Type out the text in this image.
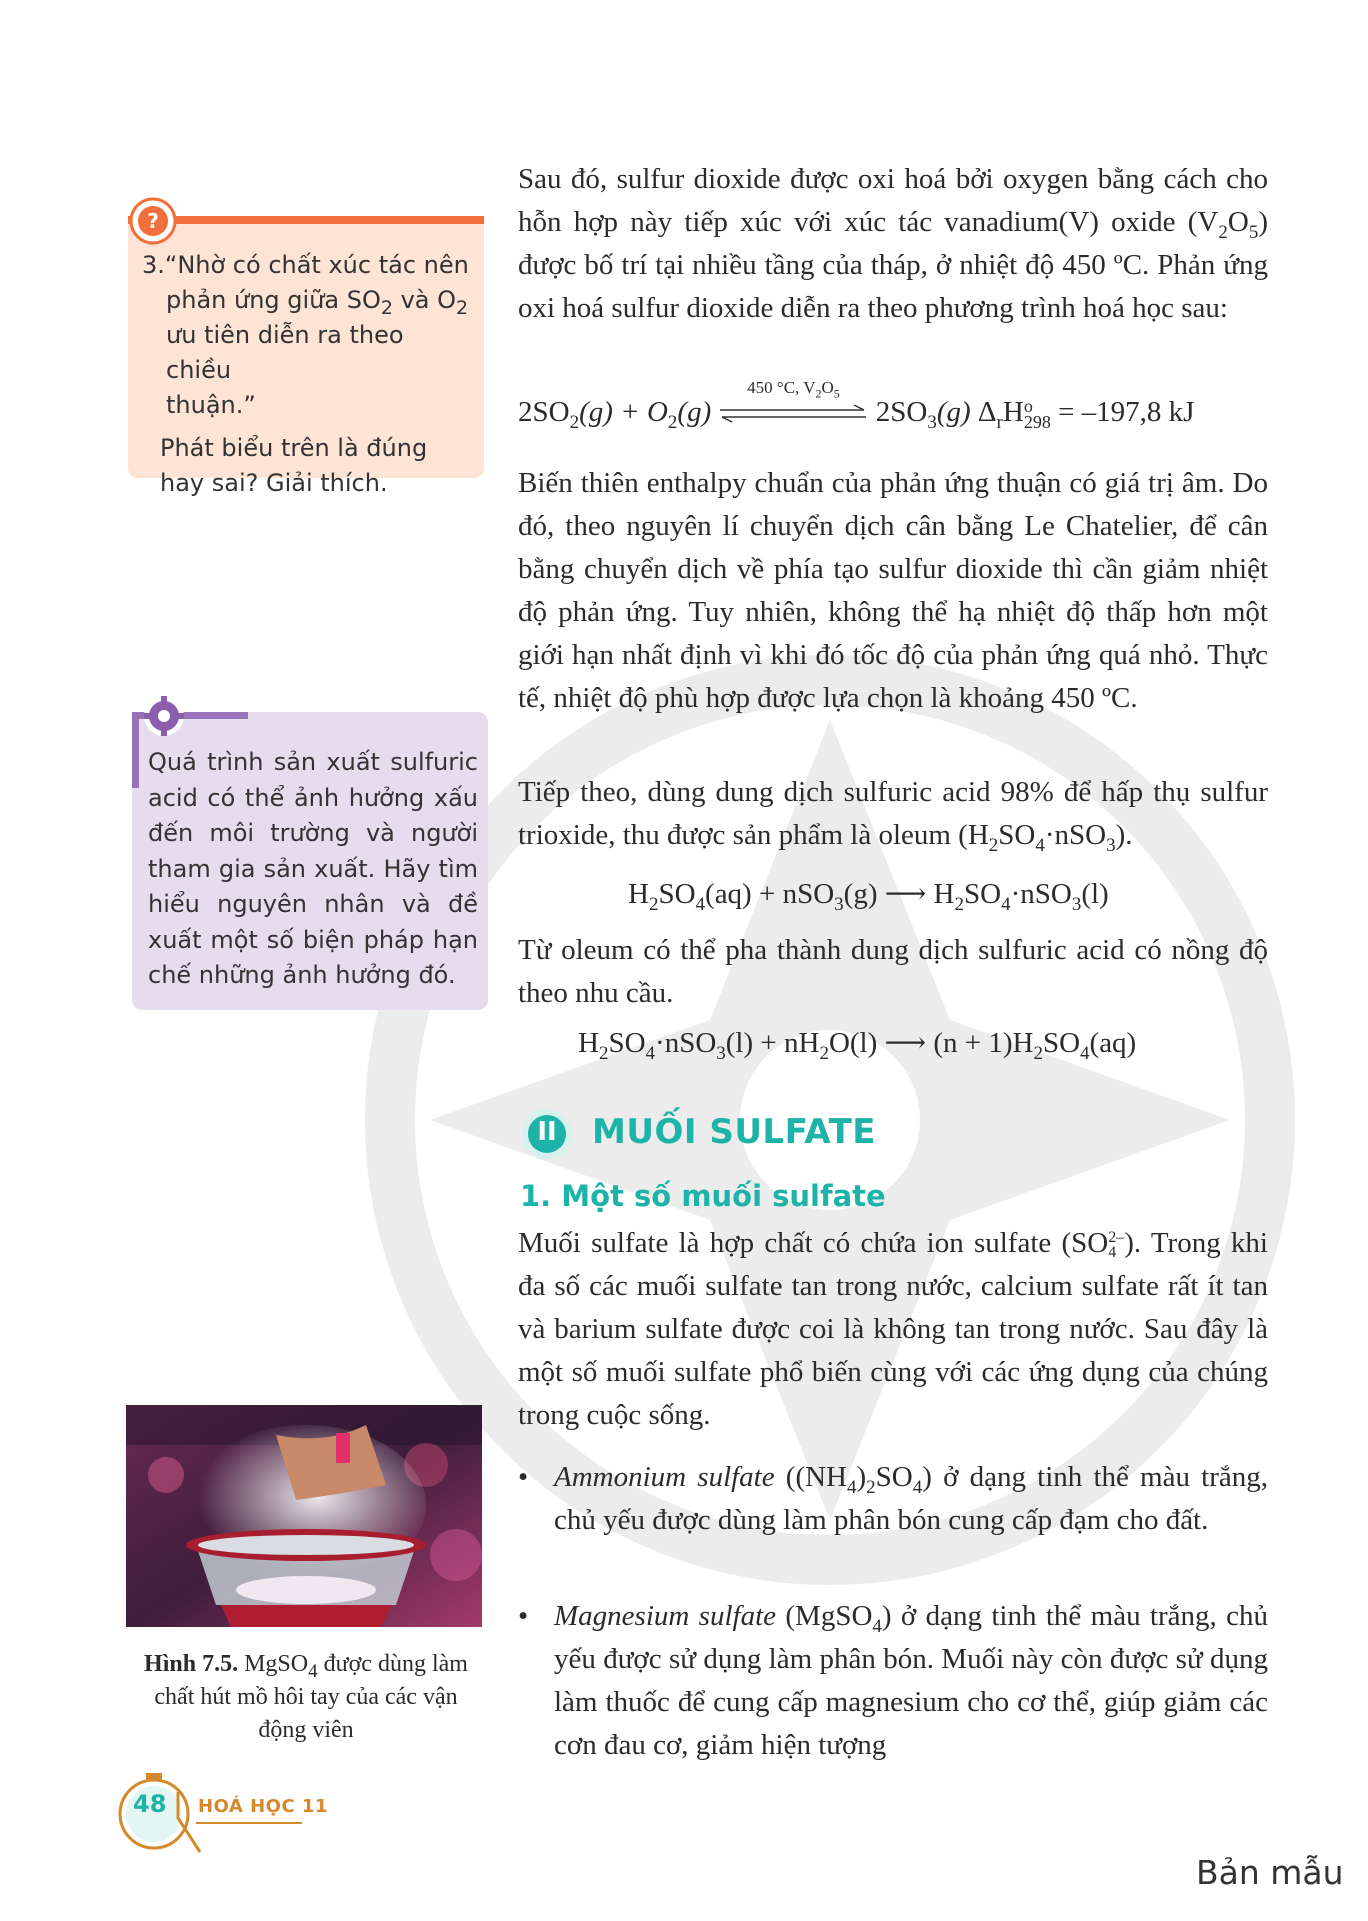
?

3.“Nhờ có chất xúc tác nên

phản ứng giữa $SO_2$ và $O_2$

ưu tiên diễn ra theo chiều

thuận.”

Phát biểu trên là đúng hay sai? Giải thích.

Quá trình sản xuất sulfuric acid có thể ảnh hưởng xấu đến môi trường và người tham gia sản xuất. Hãy tìm hiểu nguyên nhân và đề xuất một số biện pháp hạn chế những ảnh hưởng đó.
Hình 7.5. MgSO$_4$ được dùng làm chất hút mồ hôi tay của các vận động viên

Sau đó, sulfur dioxide được oxi hoá bởi oxygen bằng cách cho hỗn hợp này tiếp xúc với xúc tác vanadium(V) oxide $(V_2O_5)$ được bố trí tại nhiều tầng của tháp, ở nhiệt độ 450 ºC. Phản ứng oxi hoá sulfur dioxide diễn ra theo phương trình hoá học sau:

$2SO_2(g) + O_2(g)$
450 °C, $V_2O_5$
$2SO_3(g)$ $\Delta_rH$ o
298 = –197,8 kJ

Biến thiên enthalpy chuẩn của phản ứng thuận có giá trị âm. Do đó, theo nguyên lí chuyển dịch cân bằng Le Chatelier, để cân bằng chuyển dịch về phía tạo sulfur dioxide thì cần giảm nhiệt độ phản ứng. Tuy nhiên, không thể hạ nhiệt độ thấp hơn một giới hạn nhất định vì khi đó tốc độ của phản ứng quá nhỏ. Thực tế, nhiệt độ phù hợp được lựa chọn là khoảng 450 ºC.

Tiếp theo, dùng dung dịch sulfuric acid 98% để hấp thụ sulfur trioxide, thu được sản phẩm là oleum $(H_2SO_4\cdot nSO_3)$.

$H_2SO_4(aq) + nSO_3(g)$ ⟶ $H_2SO_4\cdot nSO_3(l)$

Từ oleum có thể pha thành dung dịch sulfuric acid có nồng độ theo nhu cầu.

$H_2SO_4\cdot nSO_3(l) + nH_2O(l)$ ⟶ $(n + 1)H_2SO_4(aq)$
II	MUỐI SULFATE
1. Một số muối sulfate

Muối sulfate là hợp chất có chứa ion sulfate (SO 2–
4 ). Trong khi đa số các muối sulfate tan trong nước, calcium sulfate rất ít tan và barium sulfate được coi là không tan trong nước. Sau đây là một số muối sulfate phổ biến cùng với các ứng dụng của chúng trong cuộc sống.

• Ammonium sulfate $((NH_4)_2SO_4)$ ở dạng tinh thể màu trắng, chủ yếu được dùng làm phân bón cung cấp đạm cho đất.
• Magnesium sulfate (MgSO$_4$) ở dạng tinh thể màu trắng, chủ yếu được sử dụng làm phân bón. Muối này còn được sử dụng làm thuốc để cung cấp magnesium cho cơ thể, giúp giảm các cơn đau cơ, giảm hiện tượng
48 HOÁ HỌC 11
Bản mẫu
